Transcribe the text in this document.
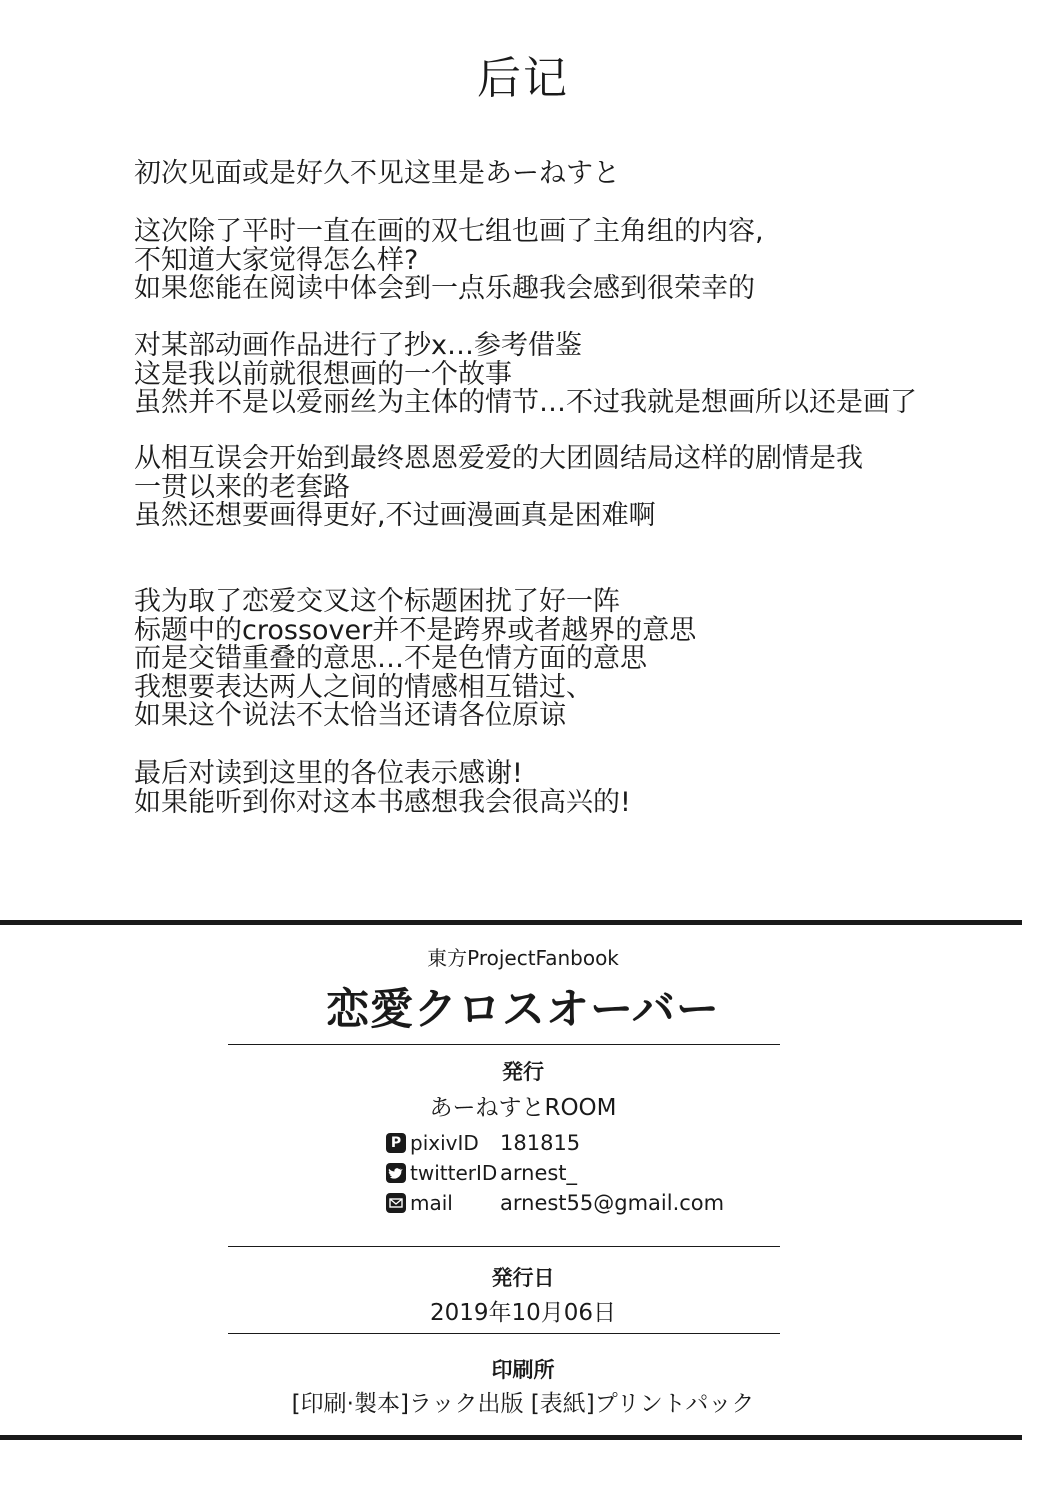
后记
初次见面或是好久不见这里是あーねすと
这次除了平时一直在画的双七组也画了主角组的内容,
不知道大家觉得怎么样?
如果您能在阅读中体会到一点乐趣我会感到很荣幸的
对某部动画作品进行了抄x…参考借鉴
这是我以前就很想画的一个故事
虽然并不是以爱丽丝为主体的情节…不过我就是想画所以还是画了
从相互误会开始到最终恩恩爱爱的大团圆结局这样的剧情是我
一贯以来的老套路
虽然还想要画得更好,不过画漫画真是困难啊
我为取了恋爱交叉这个标题困扰了好一阵
标题中的crossover并不是跨界或者越界的意思
而是交错重叠的意思…不是色情方面的意思
我想要表达两人之间的情感相互错过、
如果这个说法不太恰当还请各位原谅
最后对读到这里的各位表示感谢!
如果能听到你对这本书感想我会很高兴的!
東方ProjectFanbook
恋愛クロスオーバー
発行
あーねすとROOM
P pixivID 181815
twitterID arnest_
mail arnest55@gmail.com
発行日
2019年10月06日
印刷所
[印刷·製本]ラック出版 [表紙]プリントパック
